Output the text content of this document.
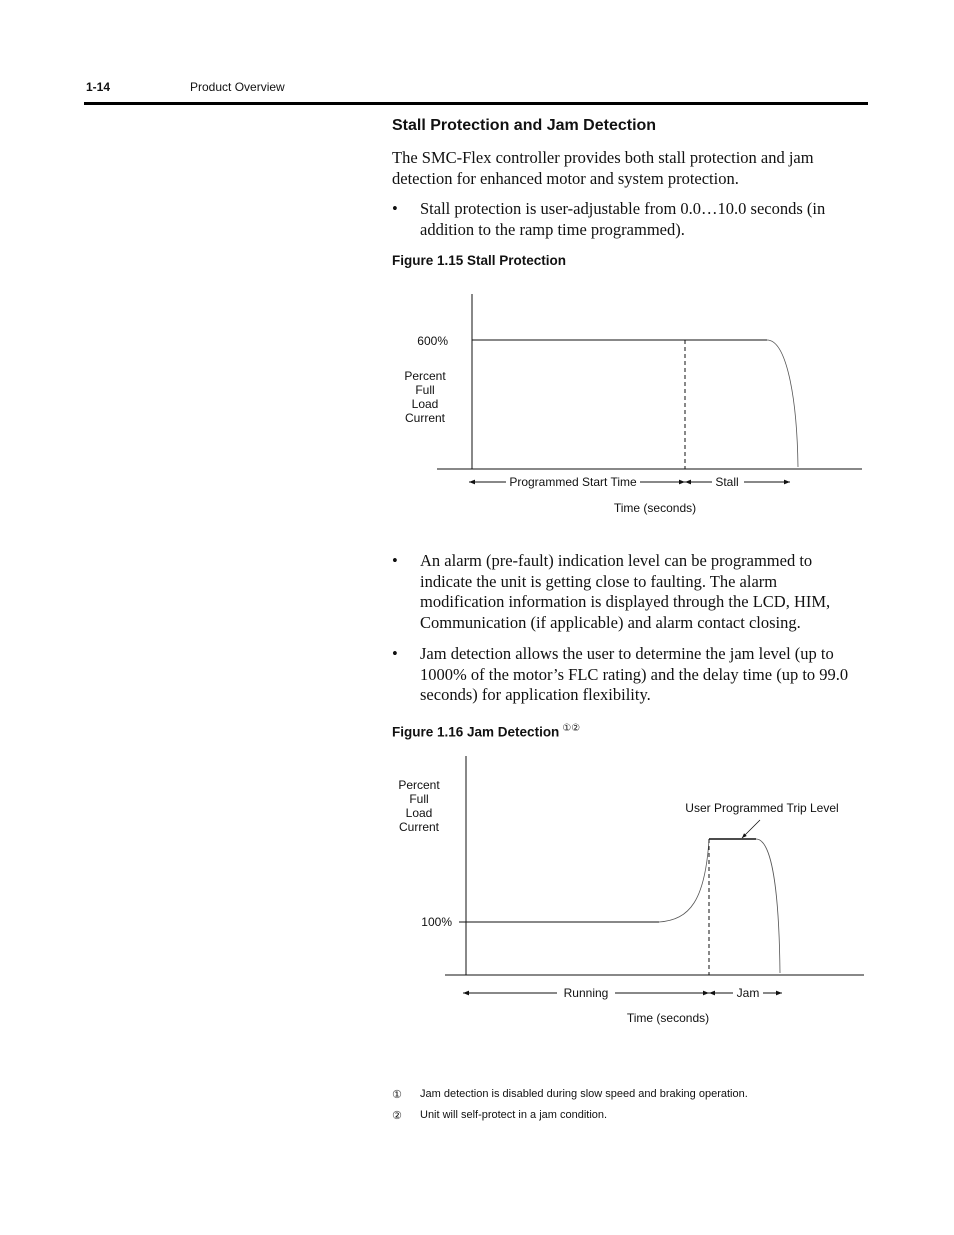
1-14	Product Overview
Stall Protection and Jam Detection
The SMC-Flex controller provides both stall protection and jam detection for enhanced motor and system protection.
• Stall protection is user-adjustable from 0.0…10.0 seconds (in addition to the ramp time programmed).
Figure 1.15 Stall Protection
600%
Percent
Full
Load
Current
Programmed Start Time	Stall
Time (seconds)
• An alarm (pre-fault) indication level can be programmed to indicate the unit is getting close to faulting. The alarm modification information is displayed through the LCD, HIM, Communication (if applicable) and alarm contact closing.
• Jam detection allows the user to determine the jam level (up to 1000% of the motor’s FLC rating) and the delay time (up to 99.0 seconds) for application flexibility.
Figure 1.16 Jam Detection ①②
User Programmed Trip Level
Percent
Full
Load
Current
100%
Running	Jam
Time (seconds)
① Jam detection is disabled during slow speed and braking operation.
② Unit will self-protect in a jam condition.
